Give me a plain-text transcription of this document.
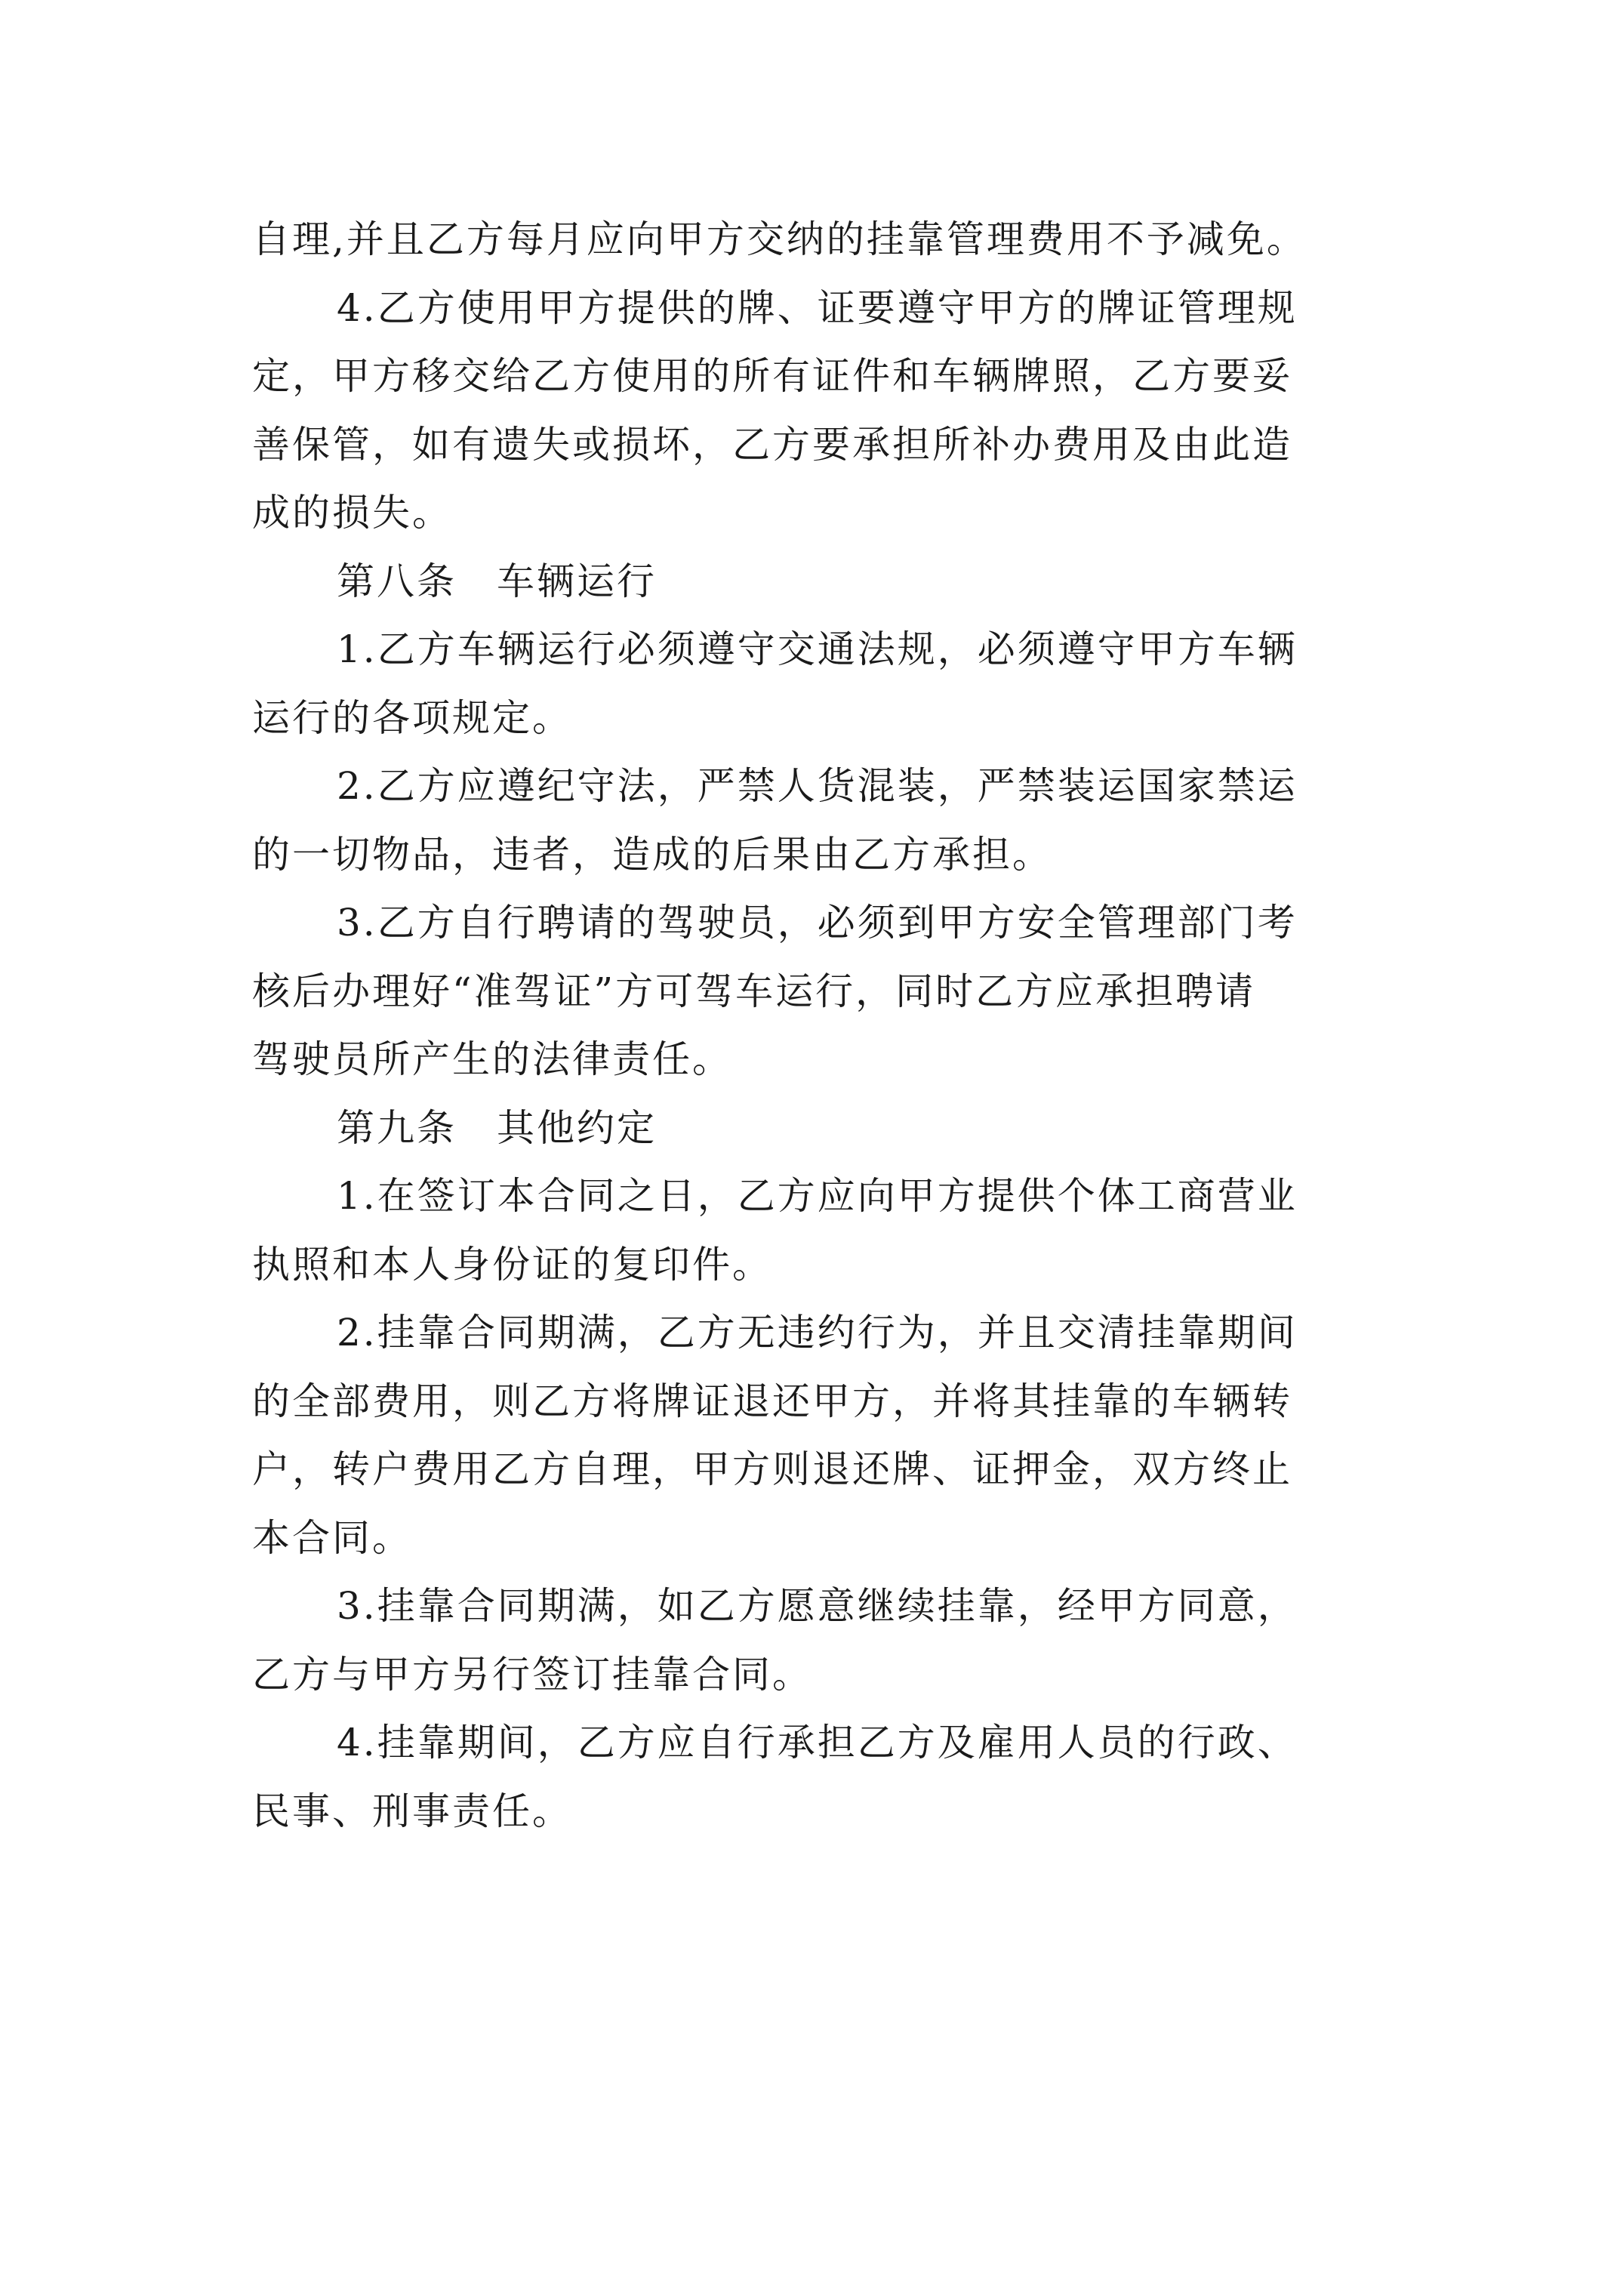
自理,并且乙方每月应向甲方交纳的挂靠管理费用不予减免。

4.乙方使用甲方提供的牌、证要遵守甲方的牌证管理规

定，甲方移交给乙方使用的所有证件和车辆牌照，乙方要妥

善保管，如有遗失或损坏，乙方要承担所补办费用及由此造

成的损失。

第八条　车辆运行

1.乙方车辆运行必须遵守交通法规，必须遵守甲方车辆

运行的各项规定。

2.乙方应遵纪守法，严禁人货混装，严禁装运国家禁运

的一切物品，违者，造成的后果由乙方承担。

3.乙方自行聘请的驾驶员，必须到甲方安全管理部门考

核后办理好“准驾证”方可驾车运行，同时乙方应承担聘请

驾驶员所产生的法律责任。

第九条　其他约定

1.在签订本合同之日，乙方应向甲方提供个体工商营业

执照和本人身份证的复印件。

2.挂靠合同期满，乙方无违约行为，并且交清挂靠期间

的全部费用，则乙方将牌证退还甲方，并将其挂靠的车辆转

户，转户费用乙方自理，甲方则退还牌、证押金，双方终止

本合同。

3.挂靠合同期满，如乙方愿意继续挂靠，经甲方同意，

乙方与甲方另行签订挂靠合同。

4.挂靠期间，乙方应自行承担乙方及雇用人员的行政、

民事、刑事责任。
